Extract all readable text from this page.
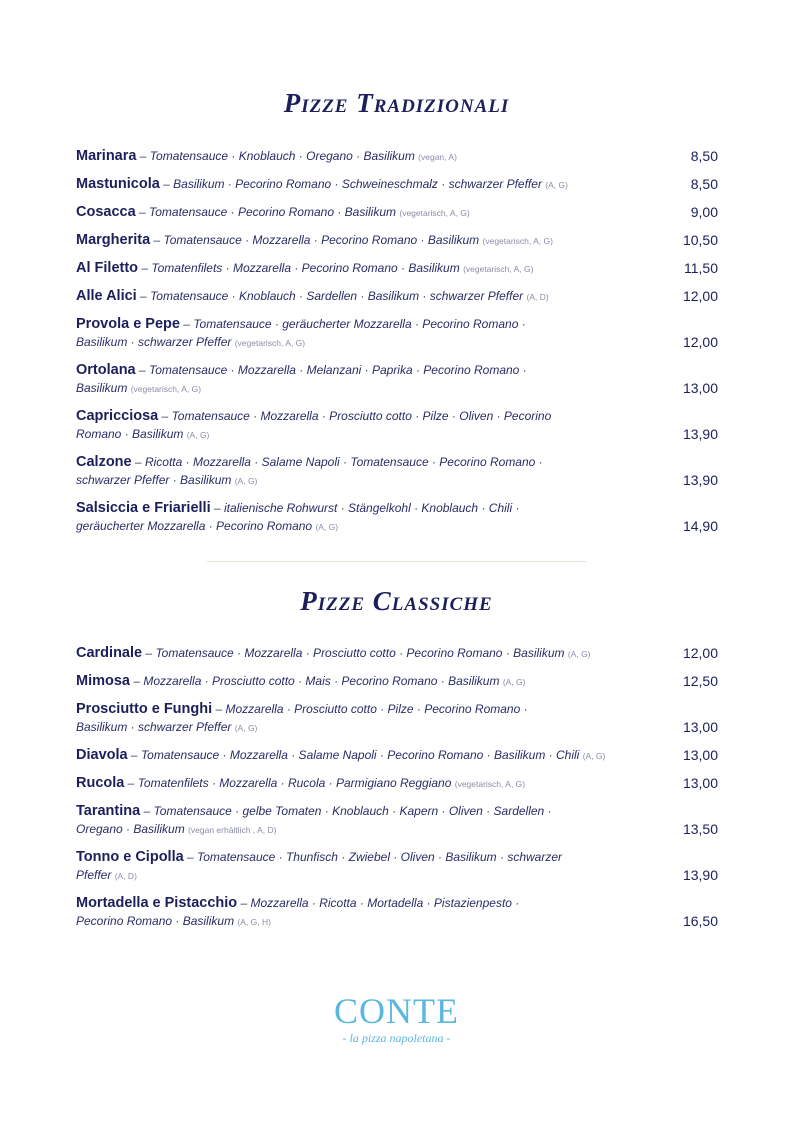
Pizze Tradizionali
Marinara – Tomatensauce · Knoblauch · Oregano · Basilikum (vegan, A)	8,50
Mastunicola – Basilikum · Pecorino Romano · Schweineschmalz · schwarzer Pfeffer (A, G)	8,50
Cosacca – Tomatensauce · Pecorino Romano · Basilikum (vegetarisch, A, G)	9,00
Margherita – Tomatensauce · Mozzarella · Pecorino Romano · Basilikum (vegetarisch, A, G)	10,50
Al Filetto – Tomatenfilets · Mozzarella · Pecorino Romano · Basilikum (vegetarisch, A, G)	11,50
Alle Alici – Tomatensauce · Knoblauch · Sardellen · Basilikum · schwarzer Pfeffer (A, D)	12,00
Provola e Pepe – Tomatensauce · geräucherter Mozzarella · Pecorino Romano · Basilikum · schwarzer Pfeffer (vegetarisch, A, G)	12,00
Ortolana – Tomatensauce · Mozzarella · Melanzani · Paprika · Pecorino Romano · Basilikum (vegetarisch, A, G)	13,00
Capricciosa – Tomatensauce · Mozzarella · Prosciutto cotto · Pilze · Oliven · Pecorino Romano · Basilikum (A, G)	13,90
Calzone – Ricotta · Mozzarella · Salame Napoli · Tomatensauce · Pecorino Romano · schwarzer Pfeffer · Basilikum (A, G)	13,90
Salsiccia e Friarielli – italienische Rohwurst · Stängelkohl · Knoblauch · Chili · geräucherter Mozzarella · Pecorino Romano (A, G)	14,90
Pizze Classiche
Cardinale – Tomatensauce · Mozzarella · Prosciutto cotto · Pecorino Romano · Basilikum (A, G)	12,00
Mimosa – Mozzarella · Prosciutto cotto · Mais · Pecorino Romano · Basilikum (A, G)	12,50
Prosciutto e Funghi – Mozzarella · Prosciutto cotto · Pilze · Pecorino Romano · Basilikum · schwarzer Pfeffer (A, G)	13,00
Diavola – Tomatensauce · Mozzarella · Salame Napoli · Pecorino Romano · Basilikum · Chili (A, G)	13,00
Rucola – Tomatenfilets · Mozzarella · Rucola · Parmigiano Reggiano (vegetarisch, A, G)	13,00
Tarantina – Tomatensauce · gelbe Tomaten · Knoblauch · Kapern · Oliven · Sardellen · Oregano · Basilikum (vegan erhältlich , A, D)	13,50
Tonno e Cipolla – Tomatensauce · Thunfisch · Zwiebel · Oliven · Basilikum · schwarzer Pfeffer (A, D)	13,90
Mortadella e Pistacchio – Mozzarella · Ricotta · Mortadella · Pistazienpesto · Pecorino Romano · Basilikum (A, G, H)	16,50
CONTE
- la pizza napoletana -
